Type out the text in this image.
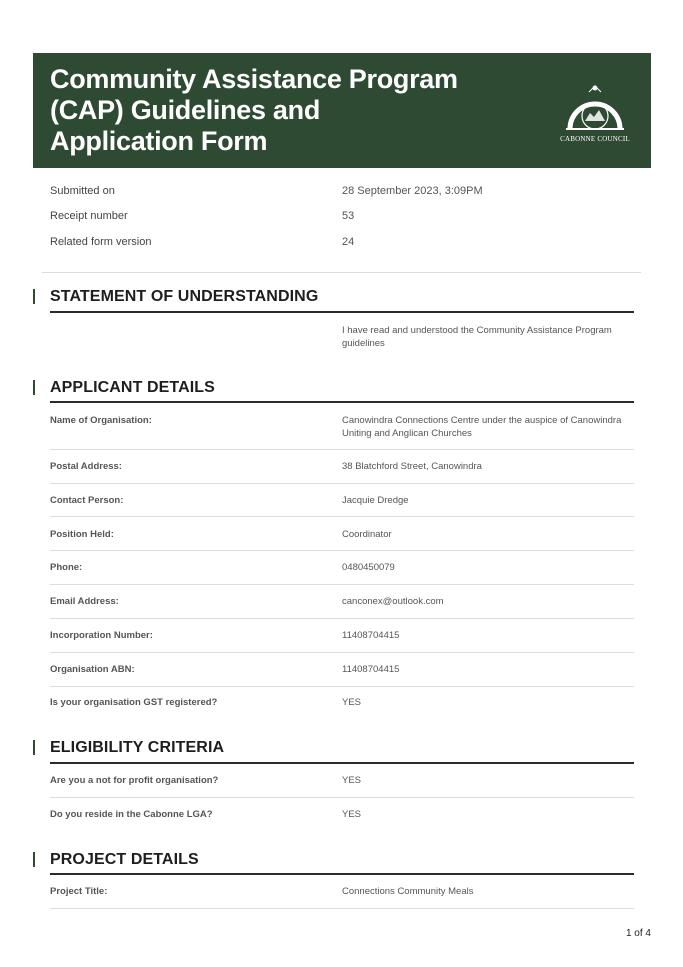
Community Assistance Program
(CAP) Guidelines and
Application Form	CABONNE COUNCIL
Submitted on	28 September 2023, 3:09PM
Receipt number	53
Related form version	24
STATEMENT OF UNDERSTANDING
I have read and understood the Community Assistance Program guidelines
APPLICANT DETAILS
Name of Organisation:	Canowindra Connections Centre under the auspice of Canowindra Uniting and Anglican Churches
Postal Address:	38 Blatchford Street, Canowindra
Contact Person:	Jacquie Dredge
Position Held:	Coordinator
Phone:	0480450079
Email Address:	canconex@outlook.com
Incorporation Number:	11408704415
Organisation ABN:	11408704415
Is your organisation GST registered?	YES
ELIGIBILITY CRITERIA
Are you a not for profit organisation?	YES
Do you reside in the Cabonne LGA?	YES
PROJECT DETAILS
Project Title:	Connections Community Meals
1 of 4
